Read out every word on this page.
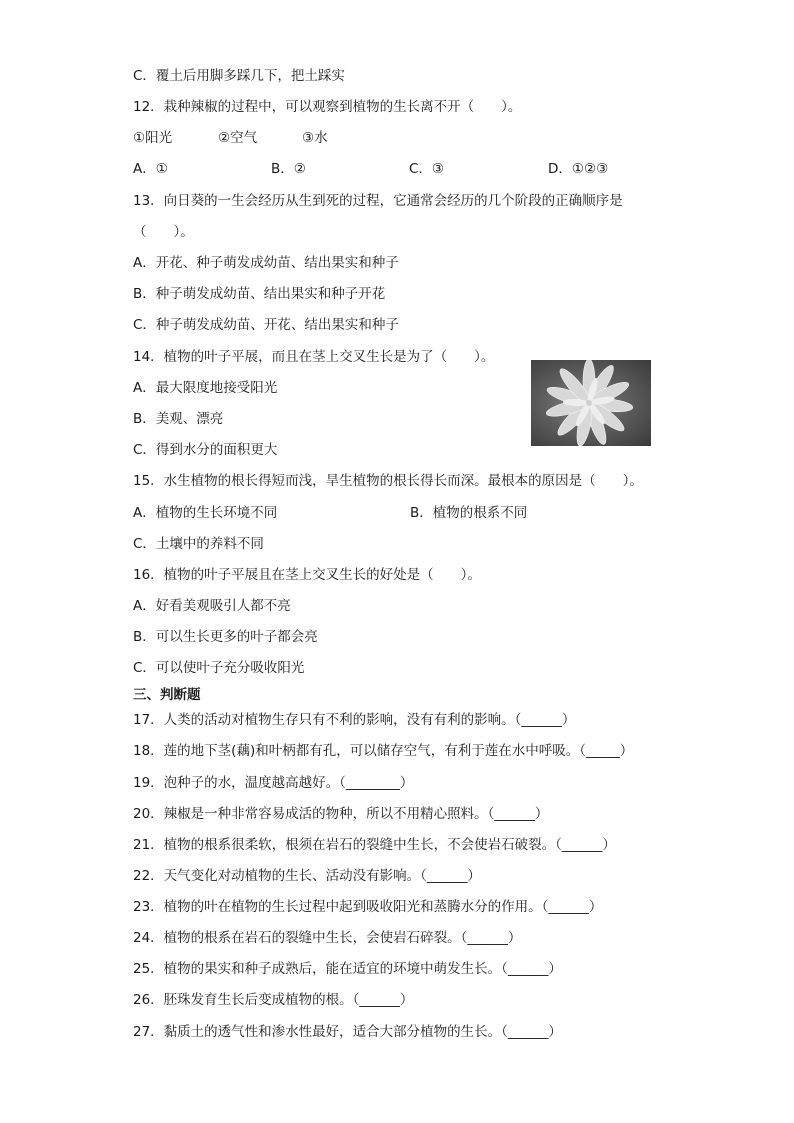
C．覆土后用脚多踩几下，把土踩实
12．栽种辣椒的过程中，可以观察到植物的生长离不开（　　）。
①阳光	②空气	③水
A．①	B．②	C．③	D．①②③
13．向日葵的一生会经历从生到死的过程，它通常会经历的几个阶段的正确顺序是
（　　）。
A．开花、种子萌发成幼苗、结出果实和种子
B．种子萌发成幼苗、结出果实和种子开花
C．种子萌发成幼苗、开花、结出果实和种子
14．植物的叶子平展，而且在茎上交叉生长是为了（　　）。
A．最大限度地接受阳光
B．美观、漂亮
C．得到水分的面积更大
15．水生植物的根长得短而浅，旱生植物的根长得长而深。最根本的原因是（　　）。
A．植物的生长环境不同	B．植物的根系不同
C．土壤中的养料不同
16．植物的叶子平展且在茎上交叉生长的好处是（　　）。
A．好看美观吸引人都不亮
B．可以生长更多的叶子都会亮
C．可以使叶子充分吸收阳光
三、判断题
17．人类的活动对植物生存只有不利的影响，没有有利的影响。（______）
18．莲的地下茎(藕)和叶柄都有孔，可以储存空气，有利于莲在水中呼吸。（_____）
19．泡种子的水，温度越高越好。（________）
20．辣椒是一种非常容易成活的物种，所以不用精心照料。（______）
21．植物的根系很柔软，根须在岩石的裂缝中生长，不会使岩石破裂。（______）
22．天气变化对动植物的生长、活动没有影响。（______）
23．植物的叶在植物的生长过程中起到吸收阳光和蒸腾水分的作用。（______）
24．植物的根系在岩石的裂缝中生长，会使岩石碎裂。（______）
25．植物的果实和种子成熟后，能在适宜的环境中萌发生长。（______）
26．胚珠发育生长后变成植物的根。（______）
27．黏质土的透气性和渗水性最好，适合大部分植物的生长。（______）
